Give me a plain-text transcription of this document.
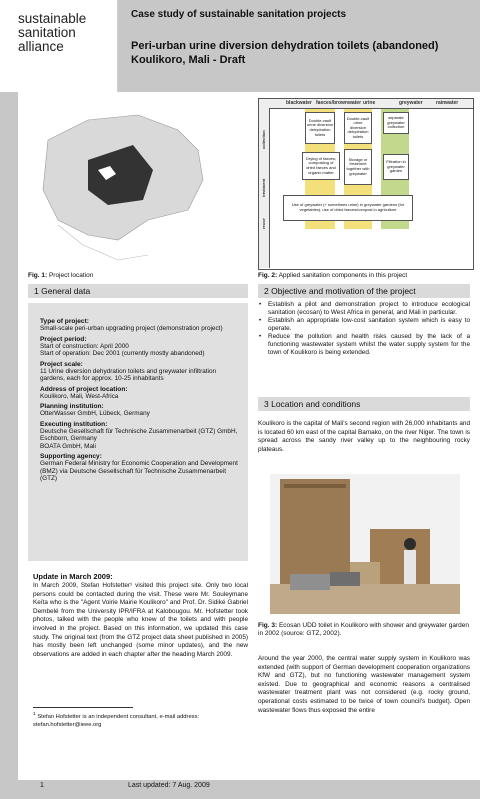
sustainable
sanitation
alliance
Case study of sustainable sanitation projects
Peri-urban urine diversion dehydration toilets (abandoned)
Koulikoro, Mali - Draft
Fig. 1: Project location
blackwater faeces/brownwater urine	greywater	rainwater
collection
treatment
reuse
Double-vault urine diversion dehydration toilets
Double-vault urine diversion dehydration toilets
separate greywater collection
Drying of faeces; composting of dried faeces and organic matter
Storage or treatment together with greywater
Filtration in greywater garden
Use of greywater (+ sometimes urine) in greywater gardens (for vegetables), use of dried faeces/compost in agriculture
Fig. 2: Applied sanitation components in this project
1 General data	2 Objective and motivation of the project
Type of project:
Small-scale peri-urban upgrading project (demonstration project)
Project period:
Start of construction: April 2000
Start of operation: Dec 2001 (currently mostly abandoned)
Project scale:
11 Urine diversion dehydration toilets and greywater infiltration gardens, each for approx. 10-25 inhabitants
Address of project location:
Koulikoro, Mali, West-Africa
Planning institution:
OtterWasser GmbH, Lübeck, Germany
Executing institution:
Deutsche Gesellschaft für Technische Zusammenarbeit (GTZ) GmbH, Eschborn, Germany
BOATA GmbH, Mali
Supporting agency:
German Federal Ministry for Economic Cooperation and Development (BMZ) via Deutsche Gesellschaft für Technische Zusammenarbeit (GTZ)
Update in March 2009:
In March 2009, Stefan Hofstetter¹ visited this project site. Only two local persons could be contacted during the visit. These were Mr. Souleymane Keïta who is the "Agent Voirie Mairie Koulikoro" and Prof. Dr. Sidiké Gabriel Dembelé from the University IPR/IFRA at Kalobougou. Mr. Hofstetter took photos, talked with the people who knew of the toilets and with people involved in the project. Based on this information, we updated this case study. The original text (from the GTZ project data sheet published in 2005) has mostly been left unchanged (some minor updates), and the new observations are added in each chapter after the heading March 2009.
$^1$ Stefan Hofstetter is an independent consultant, e-mail address: stefan.hofstetter@ieee.org
• Establish a pilot and demonstration project to introduce ecological sanitation (ecosan) to West Africa in general, and Mali in particular.
• Establish an appropriate low-cost sanitation system which is easy to operate.
• Reduce the pollution and health risks caused by the lack of a functioning wastewater system whilst the water supply system for the town of Koulikoro is being extended.
3 Location and conditions
Koulikoro is the capital of Mali's second region with 26,000 inhabitants and is located 60 km east of the capital Bamako, on the river Niger. The town is spread across the sandy river valley up to the neighbouring rocky plateaus.
Fig. 3: Ecosan UDD toilet in Koulikoro with shower and greywater garden in 2002 (source: GTZ, 2002).
Around the year 2000, the central water supply system in Koulikoro was extended (with support of German development cooperation organizations KfW and GTZ), but no functioning wastewater management system existed. Due to geographical and economic reasons a centralised wastewater treatment plant was not considered (e.g. rocky ground, operational costs estimated to be twice of town council's budget). Open wastewater flows thus exposed the entire
1	Last updated: 7 Aug. 2009
